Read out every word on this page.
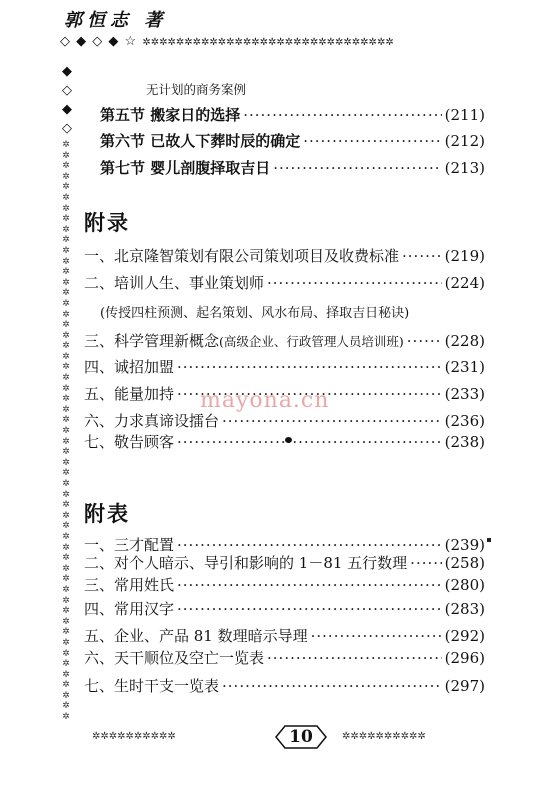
郭恒志 著
◇ ◆ ◇ ◆ ☆ ✲✲✲✲✲✲✲✲✲✲✲✲✲✲✲✲✲✲✲✲✲✲✲✲✲✲✲✲✲✲
◆
◇
◆
◇
✲
✲
✲
✲
✲
✲
✲
✲
✲
✲
✲
✲
✲
✲
✲
✲
✲
✲
✲
✲
✲
✲
✲
✲
✲
✲
✲
✲
✲
✲
✲
✲
✲
✲
✲
✲
✲
✲
✲
✲
✲
✲
✲
✲
✲
✲
✲
✲
✲
✲
✲
✲
✲
✲
✲
无计划的商务案例
第五节 搬家日的选择 ·····	(211)
第六节 已故人下葬时辰的确定 ·····	(212)
第七节 婴儿剖腹择取吉日 ·····	(213)
附录
一、北京隆智策划有限公司策划项目及收费标准 ·····	(219)
二、培训人生、事业策划师 ·····	(224)
(传授四柱预测、起名策划、风水布局、择取吉日秘诀)
三、科学管理新概念 (高级企业、行政管理人员培训班) ·····	(228)
四、诚招加盟 ·····	(231)
五、能量加持 ·····	(233)
六、力求真谛设擂台 ·····	(236)
七、敬告顾客 ·····	(238)
mayona.cn
附表
一、三才配置 ·····	(239)
二、对个人暗示、导引和影响的 1－81 五行数理 ····· (258)
三、常用姓氏 ·····	(280)
四、常用汉字 ·····	(283)
五、企业、产品 81 数理暗示导理 ·····	(292)
六、天干顺位及空亡一览表 ·····	(296)
七、生时干支一览表 ·····	(297)
✲✲✲✲✲✲✲✲✲✲	10	✲✲✲✲✲✲✲✲✲✲
